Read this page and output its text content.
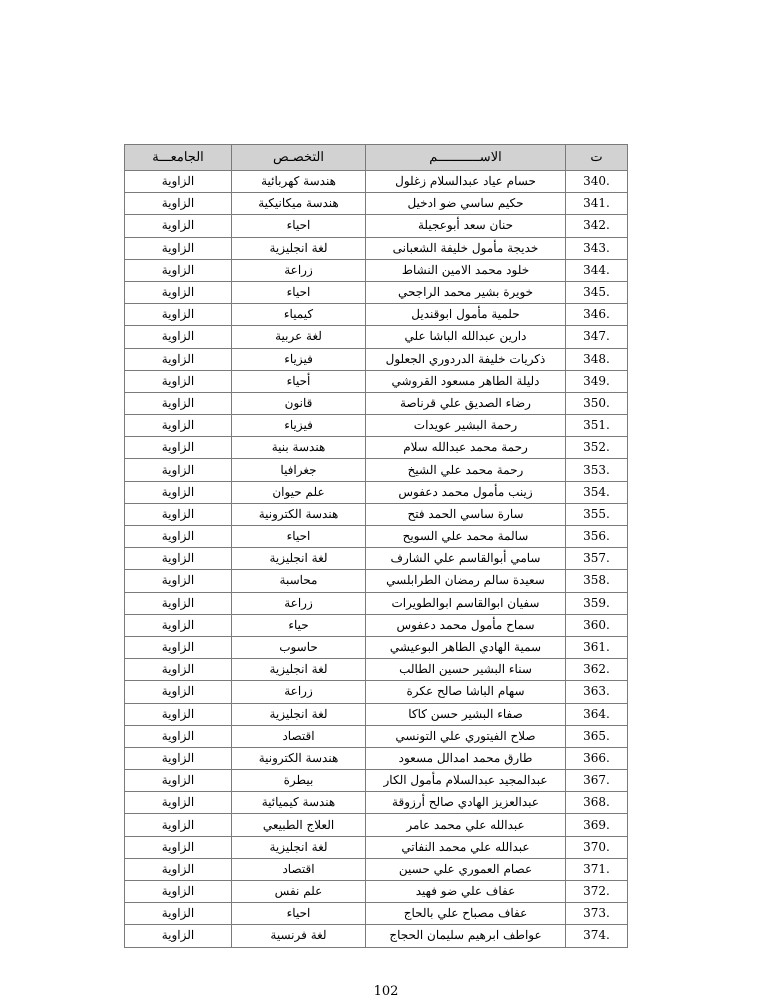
ت	الاســـــــــــم	التخصـص	الجامعـــة
340.	حسام عياد عبدالسلام زغلول	هندسة كهربائية	الزاوية
341.	حكيم ساسي ضو ادخيل	هندسة ميكانيكية	الزاوية
342.	حنان سعد أبوعجيلة	احياء	الزاوية
343.	خديجة مأمول خليفة الشعبانى	لغة انجليزية	الزاوية
344.	خلود محمد الامين النشاط	زراعة	الزاوية
345.	خويرة بشير محمد الراجحي	احياء	الزاوية
346.	حلمية مأمول ابوقنديل	كيمياء	الزاوية
347.	دارين عبدالله الباشا علي	لغة عربية	الزاوية
348.	ذكريات خليفة الدردوري الجعلول	فيزياء	الزاوية
349.	دليلة الطاهر مسعود القروشي	أحياء	الزاوية
350.	رضاء الصديق علي قرناصة	قانون	الزاوية
351.	رحمة البشير عويدات	فيزياء	الزاوية
352.	رحمة محمد عبدالله سلام	هندسة بنية	الزاوية
353.	رحمة محمد علي الشيخ	جغرافيا	الزاوية
354.	زينب مأمول محمد دعفوس	علم حيوان	الزاوية
355.	سارة ساسي الحمد فتح	هندسة الكترونية	الزاوية
356.	سالمة محمد علي السويح	احياء	الزاوية
357.	سامي أبوالقاسم علي الشارف	لغة انجليزية	الزاوية
358.	سعيدة سالم رمضان الطرابلسي	محاسبة	الزاوية
359.	سفيان ابوالقاسم ابوالطويرات	زراعة	الزاوية
360.	سماح مأمول محمد دعفوس	حياء	الزاوية
361.	سمية الهادي الطاهر البوعيشي	حاسوب	الزاوية
362.	سناء البشير حسين الطالب	لغة انجليزية	الزاوية
363.	سهام الباشا صالح عكرة	زراعة	الزاوية
364.	صفاء البشير حسن كاكا	لغة انجليزية	الزاوية
365.	صلاح الفيتوري علي التونسي	اقتصاد	الزاوية
366.	طارق محمد امدالل مسعود	هندسة الكترونية	الزاوية
367.	عبدالمجيد عبدالسلام مأمول الكار	بيطرة	الزاوية
368.	عبدالعزيز الهادي صالح أرزوقة	هندسة كيميائية	الزاوية
369.	عبدالله علي محمد عامر	العلاج الطبيعي	الزاوية
370.	عبدالله علي محمد النفاتي	لغة انجليزية	الزاوية
371.	عصام العموري علي حسين	اقتصاد	الزاوية
372.	عفاف علي ضو فهيد	علم نفس	الزاوية
373.	عفاف مصباح علي بالحاج	احياء	الزاوية
374.	عواطف ابرهيم سليمان الحجاج	لغة فرنسية	الزاوية
102
